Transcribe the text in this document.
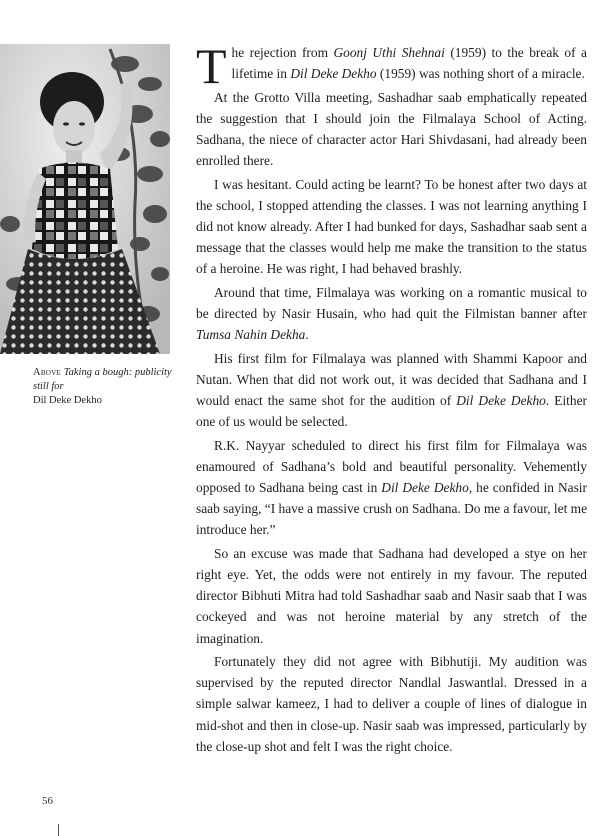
Above Taking a bough: publicity still for
Dil Deke Dekho

The rejection from Goonj Uthi Shehnai (1959) to the break of a lifetime in Dil Deke Dekho (1959) was nothing short of a miracle.

At the Grotto Villa meeting, Sashadhar saab emphatically repeated the suggestion that I should join the Filmalaya School of Acting. Sadhana, the niece of character actor Hari Shivdasani, had already been enrolled there.

I was hesitant. Could acting be learnt? To be honest after two days at the school, I stopped attending the classes. I was not learning anything I did not know already. After I had bunked for days, Sashadhar saab sent a message that the classes would help me make the transition to the status of a heroine. He was right, I had behaved brashly.

Around that time, Filmalaya was working on a romantic musical to be directed by Nasir Husain, who had quit the Filmistan banner after Tumsa Nahin Dekha.

His first film for Filmalaya was planned with Shammi Kapoor and Nutan. When that did not work out, it was decided that Sadhana and I would enact the same shot for the audition of Dil Deke Dekho. Either one of us would be selected.

R.K. Nayyar scheduled to direct his first film for Filmalaya was enamoured of Sadhana’s bold and beautiful personality. Vehemently opposed to Sadhana being cast in Dil Deke Dekho, he confided in Nasir saab saying, “I have a massive crush on Sadhana. Do me a favour, let me introduce her.”

So an excuse was made that Sadhana had developed a stye on her right eye. Yet, the odds were not entirely in my favour. The reputed director Bibhuti Mitra had told Sashadhar saab and Nasir saab that I was cockeyed and was not heroine material by any stretch of the imagination.

Fortunately they did not agree with Bibhutiji. My audition was supervised by the reputed director Nandlal Jaswantlal. Dressed in a simple salwar kameez, I had to deliver a couple of lines of dialogue in mid-shot and then in close-up. Nasir saab was impressed, particularly by the close-up shot and felt I was the right choice.

56
